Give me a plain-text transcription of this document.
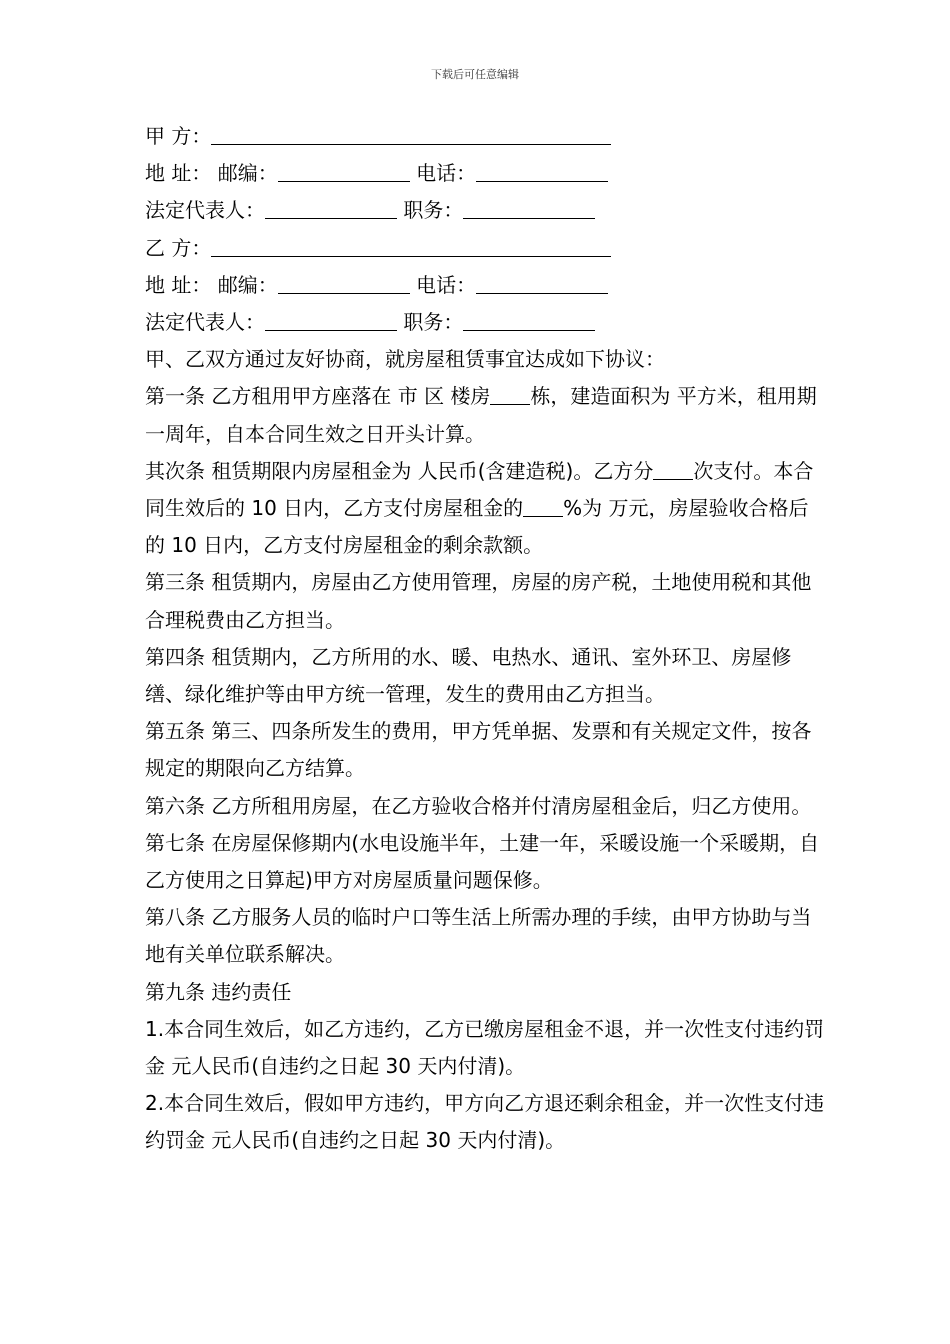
下载后可任意编辑

甲 方：

地 址： 邮编：	电话：

法定代表人：	职务：

乙 方：

地 址： 邮编：	电话：

法定代表人：	职务：

甲、乙双方通过友好协商，就房屋租赁事宜达成如下协议：

第一条 乙方租用甲方座落在 市 区 楼房 栋，建造面积为 平方米，租用期一周年，自本合同生效之日开头计算。

其次条 租赁期限内房屋租金为 人民币(含建造税)。乙方分 次支付。本合同生效后的 10 日内，乙方支付房屋租金的 %为 万元，房屋验收合格后的 10 日内，乙方支付房屋租金的剩余款额。

第三条 租赁期内，房屋由乙方使用管理，房屋的房产税，土地使用税和其他合理税费由乙方担当。

第四条 租赁期内，乙方所用的水、暖、电热水、通讯、室外环卫、房屋修缮、绿化维护等由甲方统一管理，发生的费用由乙方担当。

第五条 第三、四条所发生的费用，甲方凭单据、发票和有关规定文件，按各规定的期限向乙方结算。

第六条 乙方所租用房屋，在乙方验收合格并付清房屋租金后，归乙方使用。

第七条 在房屋保修期内(水电设施半年，土建一年，采暖设施一个采暖期，自乙方使用之日算起)甲方对房屋质量问题保修。

第八条 乙方服务人员的临时户口等生活上所需办理的手续，由甲方协助与当地有关单位联系解决。

第九条 违约责任

1.本合同生效后，如乙方违约，乙方已缴房屋租金不退，并一次性支付违约罚金 元人民币(自违约之日起 30 天内付清)。

2.本合同生效后，假如甲方违约，甲方向乙方退还剩余租金，并一次性支付违约罚金 元人民币(自违约之日起 30 天内付清)。
